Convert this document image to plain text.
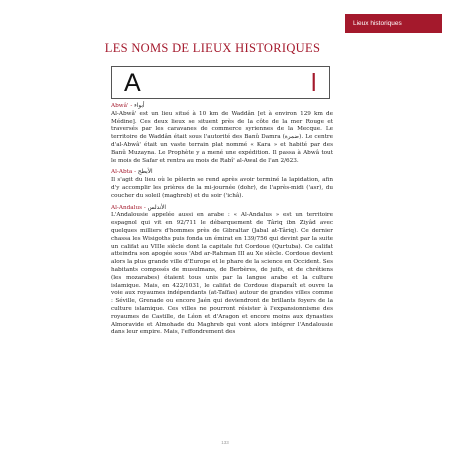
Lieux historiques
LES NOMS DE LIEUX HISTORIQUES
A	ا

Abwâ' - أبواء

Al-Abwâ' est un lieu situé à 10 km de Waddân [et à environ 129 km de Médine]. Ces deux lieux se situent près de la côte de la mer Rouge et traversés par les caravanes de commerce syriennes de la Mecque. Le territoire de Waddân était sous l'autorité des Banû Damra (ضمرة). Le centre d'al-Abwâ' était un vaste terrain plat nommé « Kara » et habité par des Banû Muzayna. Le Prophète y a mené une expédition. Il passa à Abwâ tout le mois de Safar et rentra au mois de Rabî' al-Awal de l'an 2/623.

Al-Abta - الأبطح

Il s'agit du lieu où le pèlerin se rend après avoir terminé la lapidation, afin d'y accomplir les prières de la mi-journée (dohr), de l'après-midi ('asr), du coucher du soleil (maghreb) et du soir ('ichâ).

Al-Andalus - الأندلس

L'Andalousie appelée aussi en arabe : « Al-Andalus » est un territoire espagnol qui vit en 92/711 le débarquement de Târiq ibn Ziyâd avec quelques milliers d'hommes près de Gibraltar (Jabal at-Târiq). Ce dernier chassa les Wisigoths puis fonda un émirat en 139/756 qui devint par la suite un califat au VIIIe siècle dont la capitale fut Cordoue (Qurtuba). Ce califat atteindra son apogée sous 'Abd ar-Rahman III au Xe siècle. Cordoue devient alors la plus grande ville d'Europe et le phare de la science en Occident. Ses habitants composés de musulmans, de Berbères, de juifs, et de chrétiens (les mozarabes) étaient tous unis par la langue arabe et la culture islamique. Mais, en 422/1031, le califat de Cordoue disparaît et ouvre la voie aux royaumes indépendants (at-Taïfas) autour de grandes villes comme : Séville, Grenade ou encore Jaén qui deviendront de brillants foyers de la culture islamique. Ces villes ne pourront résister à l'expansionnisme des royaumes de Castille, de Léon et d'Aragon et encore moins aux dynasties Almoravide et Almohade du Maghreb qui vont alors intégrer l'Andalousie dans leur empire. Mais, l'effondrement des

133
